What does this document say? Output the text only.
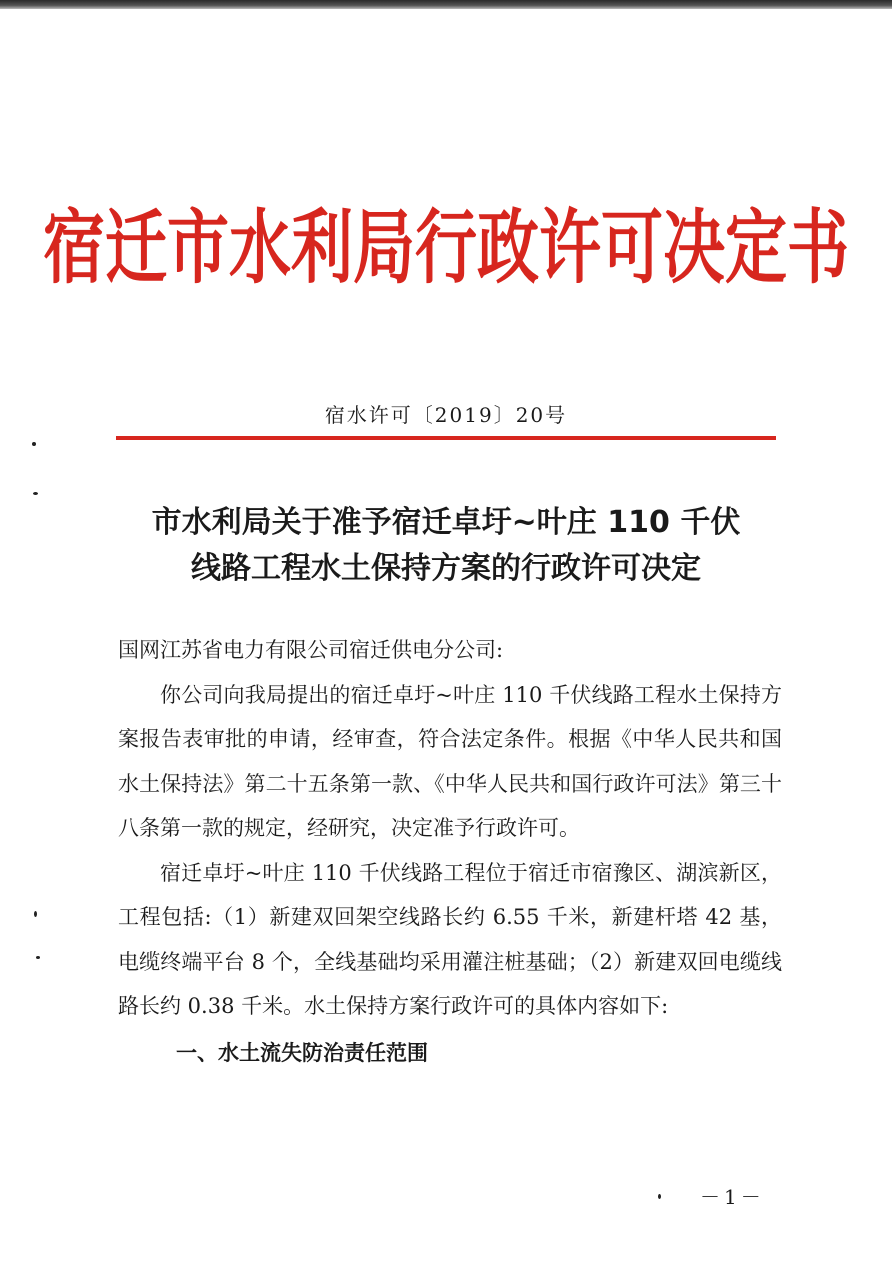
宿迁市水利局行政许可决定书
宿水许可〔2019〕20号
市水利局关于准予宿迁卓圩~叶庄 110 千伏
线路工程水土保持方案的行政许可决定

国网江苏省电力有限公司宿迁供电分公司:

你公司向我局提出的宿迁卓圩~叶庄 110 千伏线路工程水土保持方案报告表审批的申请，经审查，符合法定条件。根据《中华人民共和国水土保持法》第二十五条第一款、《中华人民共和国行政许可法》第三十八条第一款的规定，经研究，决定准予行政许可。

宿迁卓圩~叶庄 110 千伏线路工程位于宿迁市宿豫区、湖滨新区，工程包括:（1）新建双回架空线路长约 6.55 千米，新建杆塔 42 基，电缆终端平台 8 个，全线基础均采用灌注桩基础；（2）新建双回电缆线路长约 0.38 千米。水土保持方案行政许可的具体内容如下:

一、水土流失防治责任范围

－1－
